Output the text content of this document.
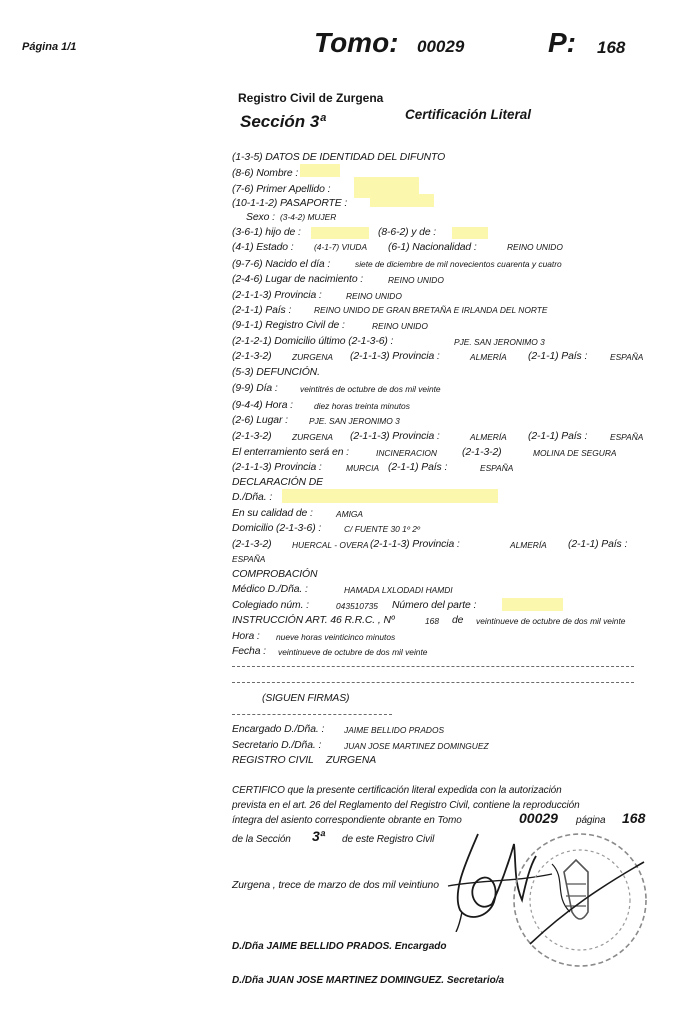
Página 1/1	Tomo: 00029	P: 168
Registro Civil de Zurgena
Sección 3ª	Certificación Literal
(1-3-5) DATOS DE IDENTIDAD DEL DIFUNTO
(8-6) Nombre :
(7-6) Primer Apellido :
(10-1-1-2) PASAPORTE :
Sexo : (3-4-2) MUJER
(3-6-1) hijo de :	(8-6-2) y de :
(4-1) Estado : (4-1-7) VIUDA (6-1) Nacionalidad :	REINO UNIDO
(9-7-6) Nacido el día :	siete de diciembre de mil novecientos cuarenta y cuatro
(2-4-6) Lugar de nacimiento :	REINO UNIDO
(2-1-1-3) Provincia :	REINO UNIDO
(2-1-1) País :	REINO UNIDO DE GRAN BRETAÑA E IRLANDA DEL NORTE
(9-1-1) Registro Civil de :	REINO UNIDO
(2-1-2-1) Domicilio último (2-1-3-6) :	PJE. SAN JERONIMO 3
(2-1-3-2) ZURGENA (2-1-1-3) Provincia :	ALMERÍA (2-1-1) País :	ESPAÑA
(5-3) DEFUNCIÓN.
(9-9) Día :	veintitrés de octubre de dos mil veinte
(9-4-4) Hora :	diez horas treinta minutos
(2-6) Lugar :	PJE. SAN JERONIMO 3
(2-1-3-2) ZURGENA (2-1-1-3) Provincia :	ALMERÍA (2-1-1) País :	ESPAÑA
El enterramiento será en :	INCINERACION (2-1-3-2)	MOLINA DE SEGURA
(2-1-1-3) Provincia :	MURCIA (2-1-1) País :	ESPAÑA
DECLARACIÓN DE
D./Dña. :
En su calidad de :	AMIGA
Domicilio (2-1-3-6) :	C/ FUENTE 30 1º 2º
(2-1-3-2) HUERCAL - OVERA (2-1-1-3) Provincia :	ALMERÍA (2-1-1) País :
ESPAÑA
COMPROBACIÓN
Médico D./Dña. :	HAMADA LXLODADI HAMDI
Colegiado núm. :	043510735 Número del parte :
INSTRUCCIÓN ART. 46 R.R.C. , Nº	168 de veintinueve de octubre de dos mil veinte
Hora : nueve horas veinticinco minutos
Fecha : veintinueve de octubre de dos mil veinte
(SIGUEN FIRMAS)
Encargado D./Dña. : JAIME BELLIDO PRADOS
Secretario D./Dña. :	JUAN JOSE MARTINEZ DOMINGUEZ
REGISTRO CIVIL ZURGENA
CERTIFICO que la presente certificación literal expedida con la autorización
prevista en el art. 26 del Reglamento del Registro Civil, contiene la reproducción
íntegra del asiento correspondiente obrante en Tomo	00029 página 168
de la Sección 3ª de este Registro Civil
Zurgena , trece de marzo de dos mil veintiuno
D./Dña JAIME BELLIDO PRADOS. Encargado
D./Dña JUAN JOSE MARTINEZ DOMINGUEZ. Secretario/a
